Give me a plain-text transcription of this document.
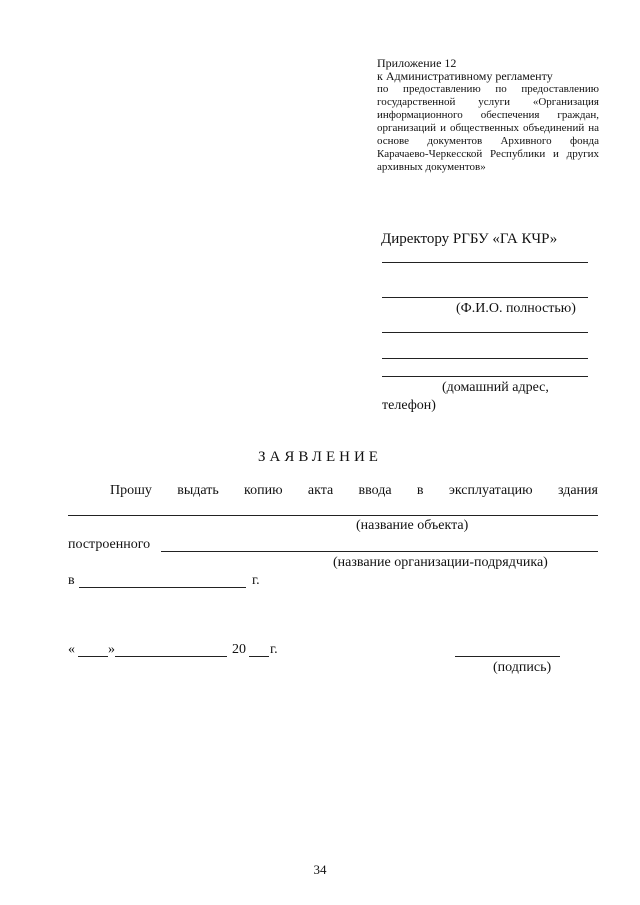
Приложение 12
к Административному регламенту
по предоставлению по предоставлению государственной услуги «Организация информационного обеспечения граждан, организаций и общественных объединений на основе документов Архивного фонда Карачаево-Черкесской Республики и других архивных документов»
Директору РГБУ «ГА КЧР»
(Ф.И.О. полностью)
(домашний адрес,
телефон)
ЗАЯВЛЕНИЕ
Прошу выдать копию акта ввода в эксплуатацию здания
(название объекта)
построенного
(название организации-подрядчика)
в	г.
« »	20 г.
(подпись)
34
